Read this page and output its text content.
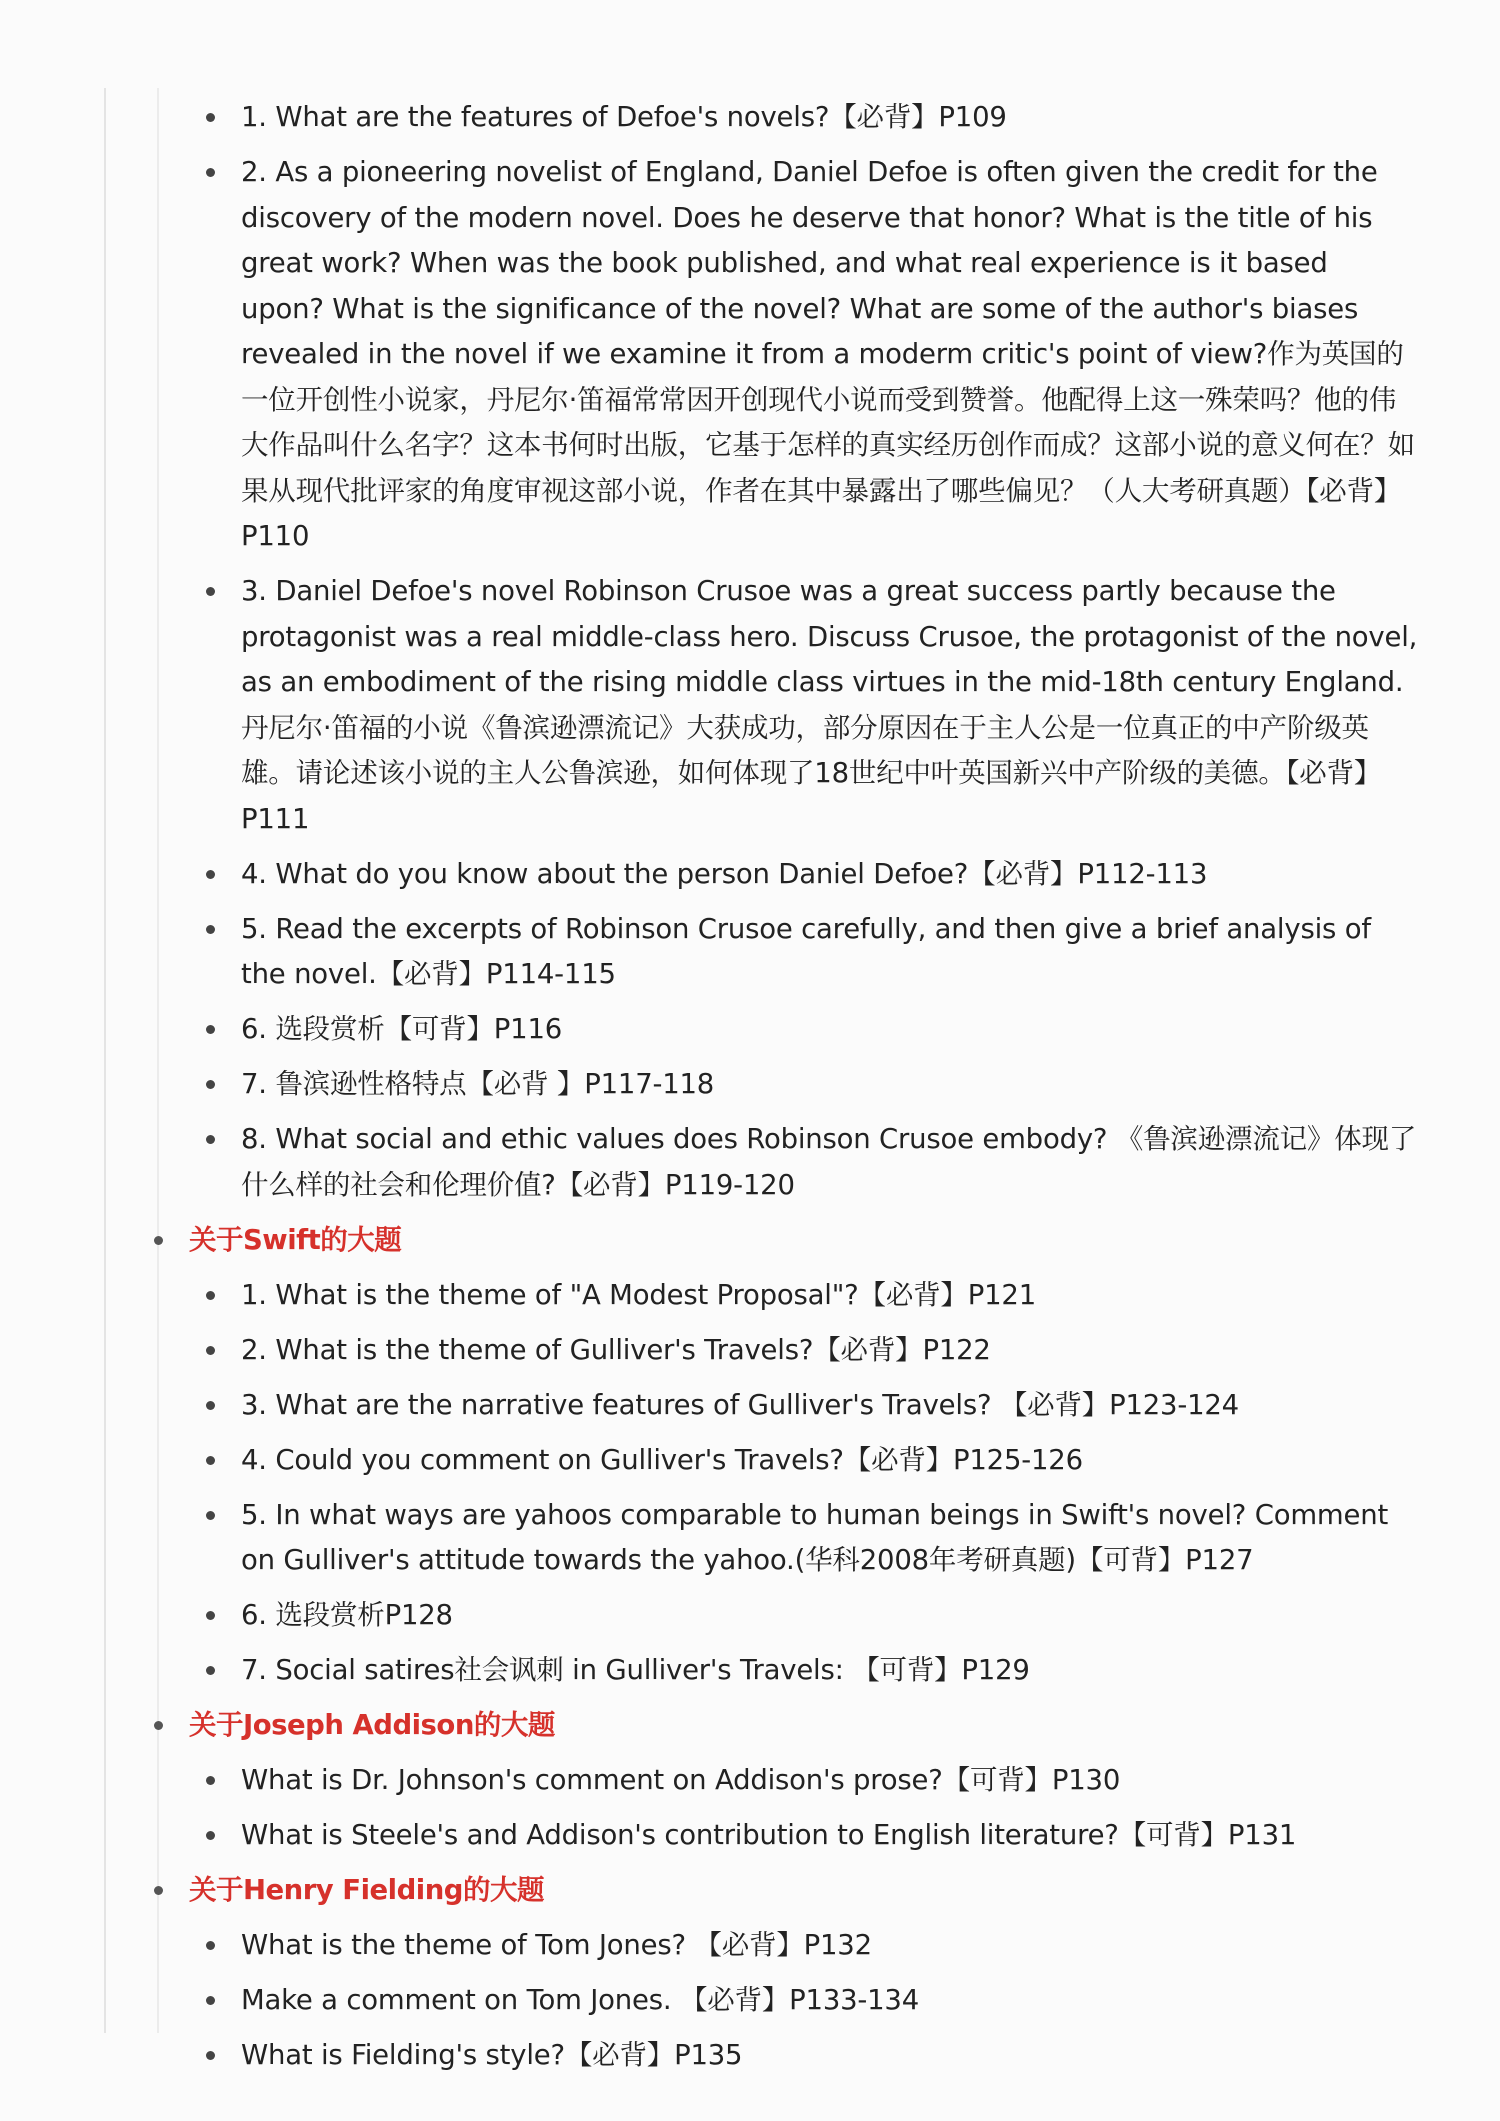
1. What are the features of Defoe's novels?【必背】P109
2. As a pioneering novelist of England, Daniel Defoe is often given the credit for the discovery of the modern novel. Does he deserve that honor? What is the title of his great work? When was the book published, and what real experience is it based upon? What is the significance of the novel? What are some of the author's biases revealed in the novel if we examine it from a moderm critic's point of view?作为英国的一位开创性小说家，丹尼尔·笛福常常因开创现代小说而受到赞誉。他配得上这一殊荣吗？他的伟大作品叫什么名字？这本书何时出版，它基于怎样的真实经历创作而成？这部小说的意义何在？如果从现代批评家的角度审视这部小说，作者在其中暴露出了哪些偏见？（人大考研真题）【必背】P110
3. Daniel Defoe's novel Robinson Crusoe was a great success partly because the protagonist was a real middle-class hero. Discuss Crusoe, the protagonist of the novel, as an embodiment of the rising middle class virtues in the mid-18th century England. 丹尼尔·笛福的小说《鲁滨逊漂流记》大获成功，部分原因在于主人公是一位真正的中产阶级英雄。请论述该小说的主人公鲁滨逊，如何体现了18世纪中叶英国新兴中产阶级的美德。【必背】P111
4. What do you know about the person Daniel Defoe?【必背】P112-113
5. Read the excerpts of Robinson Crusoe carefully, and then give a brief analysis of the novel.【必背】P114-115
6. 选段赏析【可背】P116
7. 鲁滨逊性格特点【必背 】P117-118
8. What social and ethic values does Robinson Crusoe embody? 《鲁滨逊漂流记》体现了什么样的社会和伦理价值?【必背】P119-120
关于Swift的大题
1. What is the theme of "A Modest Proposal"?【必背】P121
2. What is the theme of Gulliver's Travels?【必背】P122
3. What are the narrative features of Gulliver's Travels? 【必背】P123-124
4. Could you comment on Gulliver's Travels?【必背】P125-126
5. In what ways are yahoos comparable to human beings in Swift's novel? Comment on Gulliver's attitude towards the yahoo.(华科2008年考研真题)【可背】P127
6. 选段赏析P128
7. Social satires社会讽刺 in Gulliver's Travels: 【可背】P129
关于Joseph Addison的大题
What is Dr. Johnson's comment on Addison's prose?【可背】P130
What is Steele's and Addison's contribution to English literature?【可背】P131
关于Henry Fielding的大题
What is the theme of Tom Jones? 【必背】P132
Make a comment on Tom Jones. 【必背】P133-134
What is Fielding's style?【必背】P135
